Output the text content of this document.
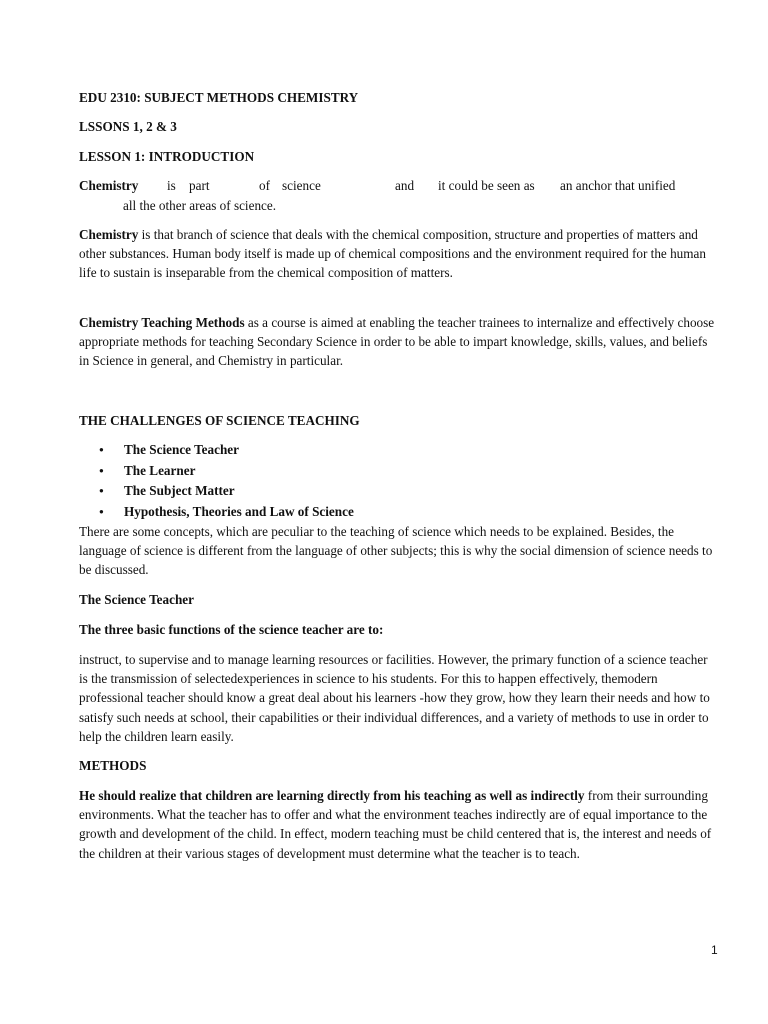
EDU 2310: SUBJECT METHODS CHEMISTRY
LSSONS 1, 2 & 3
LESSON 1: INTRODUCTION
Chemistry is part	of science	and it could be seen as an anchor that unified
all the other areas of science.

Chemistry is that branch of science that deals with the chemical composition, structure and properties of matters and other substances. Human body itself is made up of chemical compositions and the environment required for the human life to sustain is inseparable from the chemical composition of matters.

Chemistry Teaching Methods as a course is aimed at enabling the teacher trainees to internalize and effectively choose appropriate methods for teaching Secondary Science in order to be able to impart knowledge, skills, values, and beliefs in Science in general, and Chemistry in particular.

THE CHALLENGES OF SCIENCE TEACHING
● The Science Teacher
● The Learner
● The Subject Matter
● Hypothesis, Theories and Law of Science

There are some concepts, which are peculiar to the teaching of science which needs to be explained. Besides, the language of science is different from the language of other subjects; this is why the social dimension of science needs to be discussed.

The Science Teacher
The three basic functions of the science teacher are to:

instruct, to supervise and to manage learning resources or facilities. However, the primary function of a science teacher is the transmission of selectedexperiences in science to his students. For this to happen effectively, themodern professional teacher should know a great deal about his learners -how they grow, how they learn their needs and how to satisfy such needs at school, their capabilities or their individual differences, and a variety of methods to use in order to help the children learn easily.

METHODS

He should realize that children are learning directly from his teaching as well as indirectly from their surrounding environments. What the teacher has to offer and what the environment teaches indirectly are of equal importance to the growth and development of the child. In effect, modern teaching must be child centered that is, the interest and needs of the children at their various stages of development must determine what the teacher is to teach.

1
